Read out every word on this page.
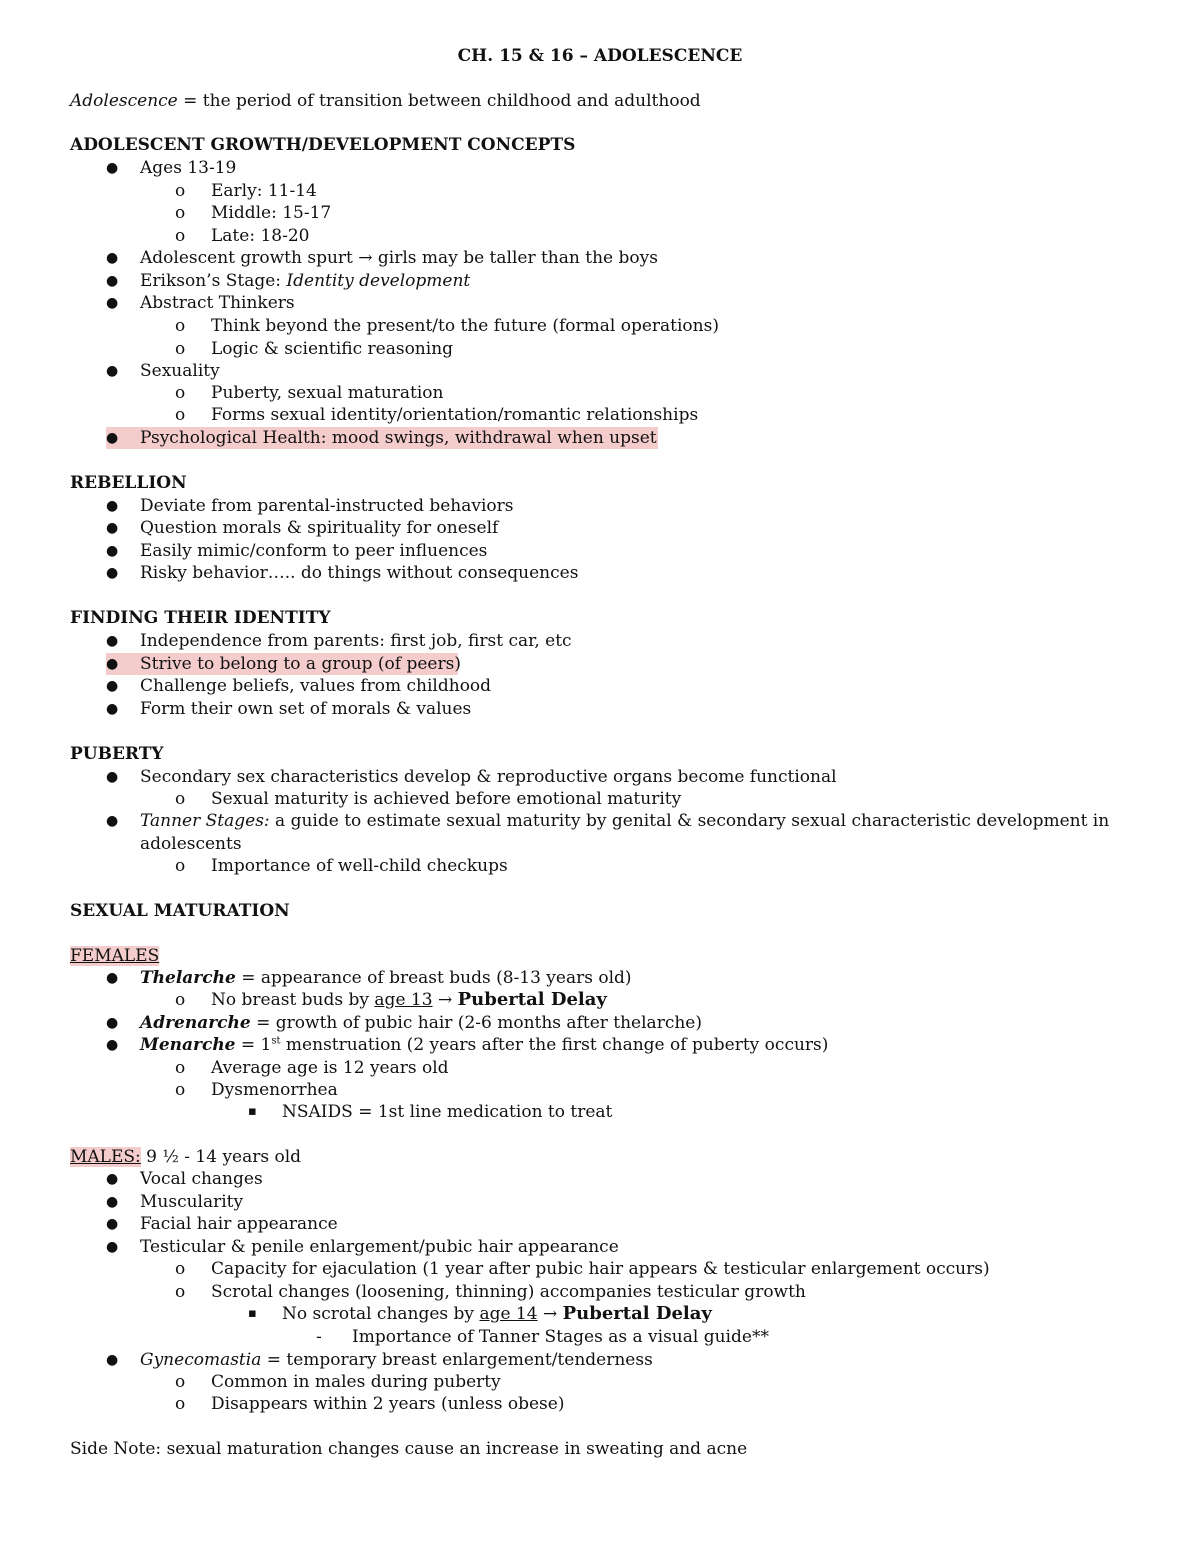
CH. 15 & 16 – ADOLESCENCE
Adolescence = the period of transition between childhood and adulthood
ADOLESCENT GROWTH/DEVELOPMENT CONCEPTS
● Ages 13-19
o Early: 11-14
o Middle: 15-17
o Late: 18-20
● Adolescent growth spurt → girls may be taller than the boys
● Erikson’s Stage: Identity development
● Abstract Thinkers
o Think beyond the present/to the future (formal operations)
o Logic & scientific reasoning
● Sexuality
o Puberty, sexual maturation
o Forms sexual identity/orientation/romantic relationships
● Psychological Health: mood swings, withdrawal when upset
REBELLION
● Deviate from parental-instructed behaviors
● Question morals & spirituality for oneself
● Easily mimic/conform to peer influences
● Risky behavior….. do things without consequences
FINDING THEIR IDENTITY
● Independence from parents: first job, first car, etc
● Strive to belong to a group (of peers)
● Challenge beliefs, values from childhood
● Form their own set of morals & values
PUBERTY
● Secondary sex characteristics develop & reproductive organs become functional
o Sexual maturity is achieved before emotional maturity
● Tanner Stages: a guide to estimate sexual maturity by genital & secondary sexual characteristic development in adolescents
o Importance of well-child checkups
SEXUAL MATURATION
FEMALES
● Thelarche = appearance of breast buds (8-13 years old)
o No breast buds by age 13 → Pubertal Delay
● Adrenarche = growth of pubic hair (2-6 months after thelarche)
● Menarche = 1st menstruation (2 years after the first change of puberty occurs)
o Average age is 12 years old
o Dysmenorrhea
▪ NSAIDS = 1st line medication to treat
MALES: 9 ½ - 14 years old
● Vocal changes
● Muscularity
● Facial hair appearance
● Testicular & penile enlargement/pubic hair appearance
o Capacity for ejaculation (1 year after pubic hair appears & testicular enlargement occurs)
o Scrotal changes (loosening, thinning) accompanies testicular growth
▪ No scrotal changes by age 14 → Pubertal Delay
- Importance of Tanner Stages as a visual guide**
● Gynecomastia = temporary breast enlargement/tenderness
o Common in males during puberty
o Disappears within 2 years (unless obese)
Side Note: sexual maturation changes cause an increase in sweating and acne
